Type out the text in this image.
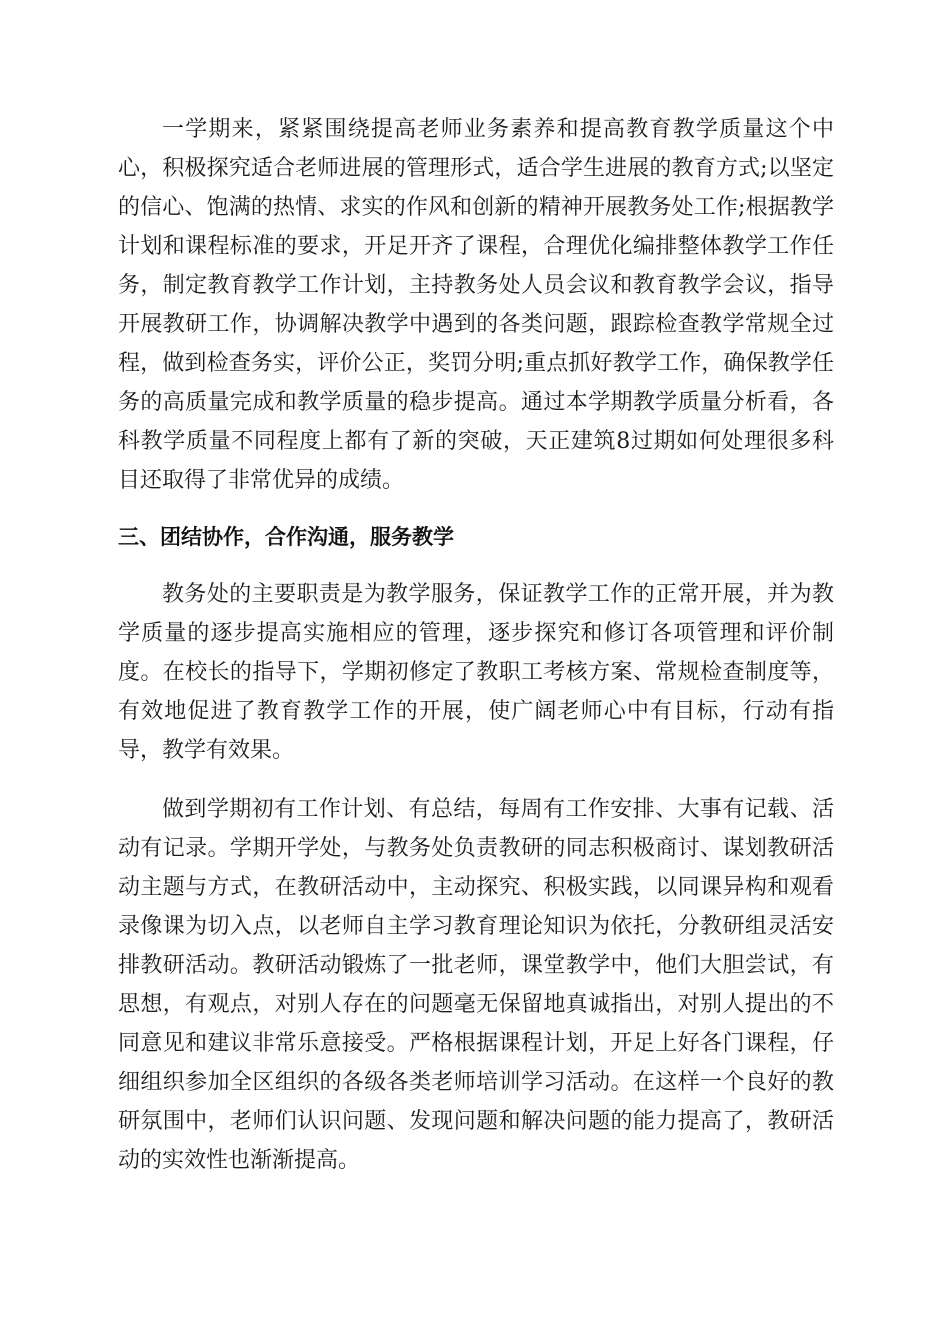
一学期来，紧紧围绕提高老师业务素养和提高教育教学质量这个中心，积极探究适合老师进展的管理形式，适合学生进展的教育方式;以坚定的信心、饱满的热情、求实的作风和创新的精神开展教务处工作;根据教学计划和课程标准的要求，开足开齐了课程，合理优化编排整体教学工作任务，制定教育教学工作计划，主持教务处人员会议和教育教学会议，指导开展教研工作，协调解决教学中遇到的各类问题，跟踪检查教学常规全过程，做到检查务实，评价公正，奖罚分明;重点抓好教学工作，确保教学任务的高质量完成和教学质量的稳步提高。通过本学期教学质量分析看，各科教学质量不同程度上都有了新的突破，天正建筑8过期如何处理很多科目还取得了非常优异的成绩。

三、团结协作，合作沟通，服务教学

教务处的主要职责是为教学服务，保证教学工作的正常开展，并为教学质量的逐步提高实施相应的管理，逐步探究和修订各项管理和评价制度。在校长的指导下，学期初修定了教职工考核方案、常规检查制度等，有效地促进了教育教学工作的开展，使广阔老师心中有目标，行动有指导，教学有效果。

做到学期初有工作计划、有总结，每周有工作安排、大事有记载、活动有记录。学期开学处，与教务处负责教研的同志积极商讨、谋划教研活动主题与方式，在教研活动中，主动探究、积极实践，以同课异构和观看录像课为切入点，以老师自主学习教育理论知识为依托，分教研组灵活安排教研活动。教研活动锻炼了一批老师，课堂教学中，他们大胆尝试，有思想，有观点，对别人存在的问题毫无保留地真诚指出，对别人提出的不同意见和建议非常乐意接受。严格根据课程计划，开足上好各门课程，仔细组织参加全区组织的各级各类老师培训学习活动。在这样一个良好的教研氛围中，老师们认识问题、发现问题和解决问题的能力提高了，教研活动的实效性也渐渐提高。
